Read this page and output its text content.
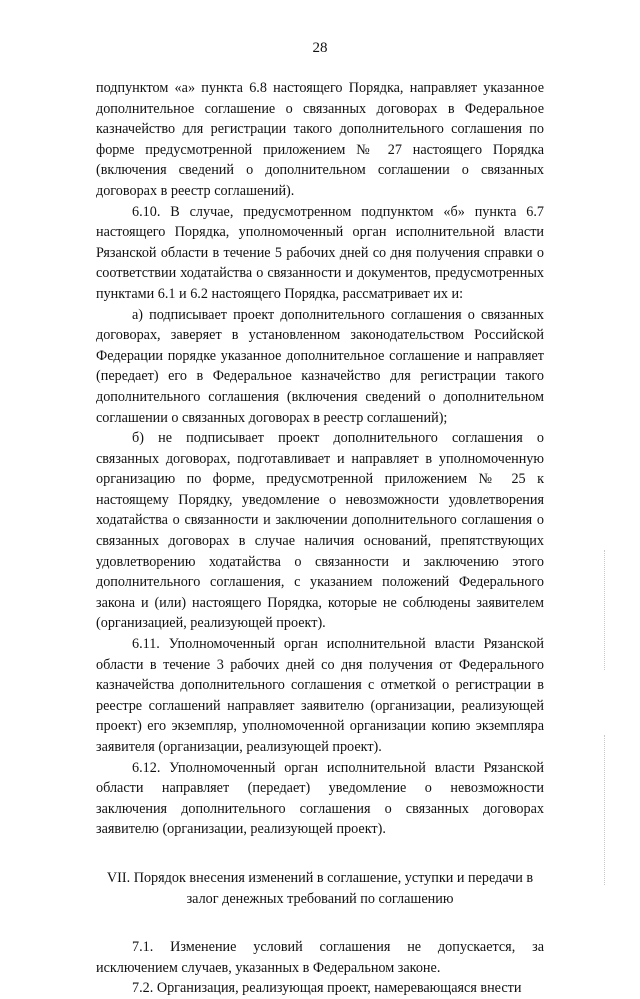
28

подпунктом «а» пункта 6.8 настоящего Порядка, направляет указанное дополнительное соглашение о связанных договорах в Федеральное казначейство для регистрации такого дополнительного соглашения по форме предусмотренной приложением № 27 настоящего Порядка (включения сведений о дополнительном соглашении о связанных договорах в реестр соглашений).

6.10. В случае, предусмотренном подпунктом «б» пункта 6.7 настоящего Порядка, уполномоченный орган исполнительной власти Рязанской области в течение 5 рабочих дней со дня получения справки о соответствии ходатайства о связанности и документов, предусмотренных пунктами 6.1 и 6.2 настоящего Порядка, рассматривает их и:

а) подписывает проект дополнительного соглашения о связанных договорах, заверяет в установленном законодательством Российской Федерации порядке указанное дополнительное соглашение и направляет (передает) его в Федеральное казначейство для регистрации такого дополнительного соглашения (включения сведений о дополнительном соглашении о связанных договорах в реестр соглашений);

б) не подписывает проект дополнительного соглашения о связанных договорах, подготавливает и направляет в уполномоченную организацию по форме, предусмотренной приложением № 25 к настоящему Порядку, уведомление о невозможности удовлетворения ходатайства о связанности и заключении дополнительного соглашения о связанных договорах в случае наличия оснований, препятствующих удовлетворению ходатайства о связанности и заключению этого дополнительного соглашения, с указанием положений Федерального закона и (или) настоящего Порядка, которые не соблюдены заявителем (организацией, реализующей проект).

6.11. Уполномоченный орган исполнительной власти Рязанской области в течение 3 рабочих дней со дня получения от Федерального казначейства дополнительного соглашения с отметкой о регистрации в реестре соглашений направляет заявителю (организации, реализующей проект) его экземпляр, уполномоченной организации копию экземпляра заявителя (организации, реализующей проект).

6.12. Уполномоченный орган исполнительной власти Рязанской области направляет (передает) уведомление о невозможности заключения дополнительного соглашения о связанных договорах заявителю (организации, реализующей проект).

VII. Порядок внесения изменений в соглашение, уступки и передачи в залог денежных требований по соглашению

7.1. Изменение условий соглашения не допускается, за исключением случаев, указанных в Федеральном законе.

7.2. Организация, реализующая проект, намеревающаяся внести
